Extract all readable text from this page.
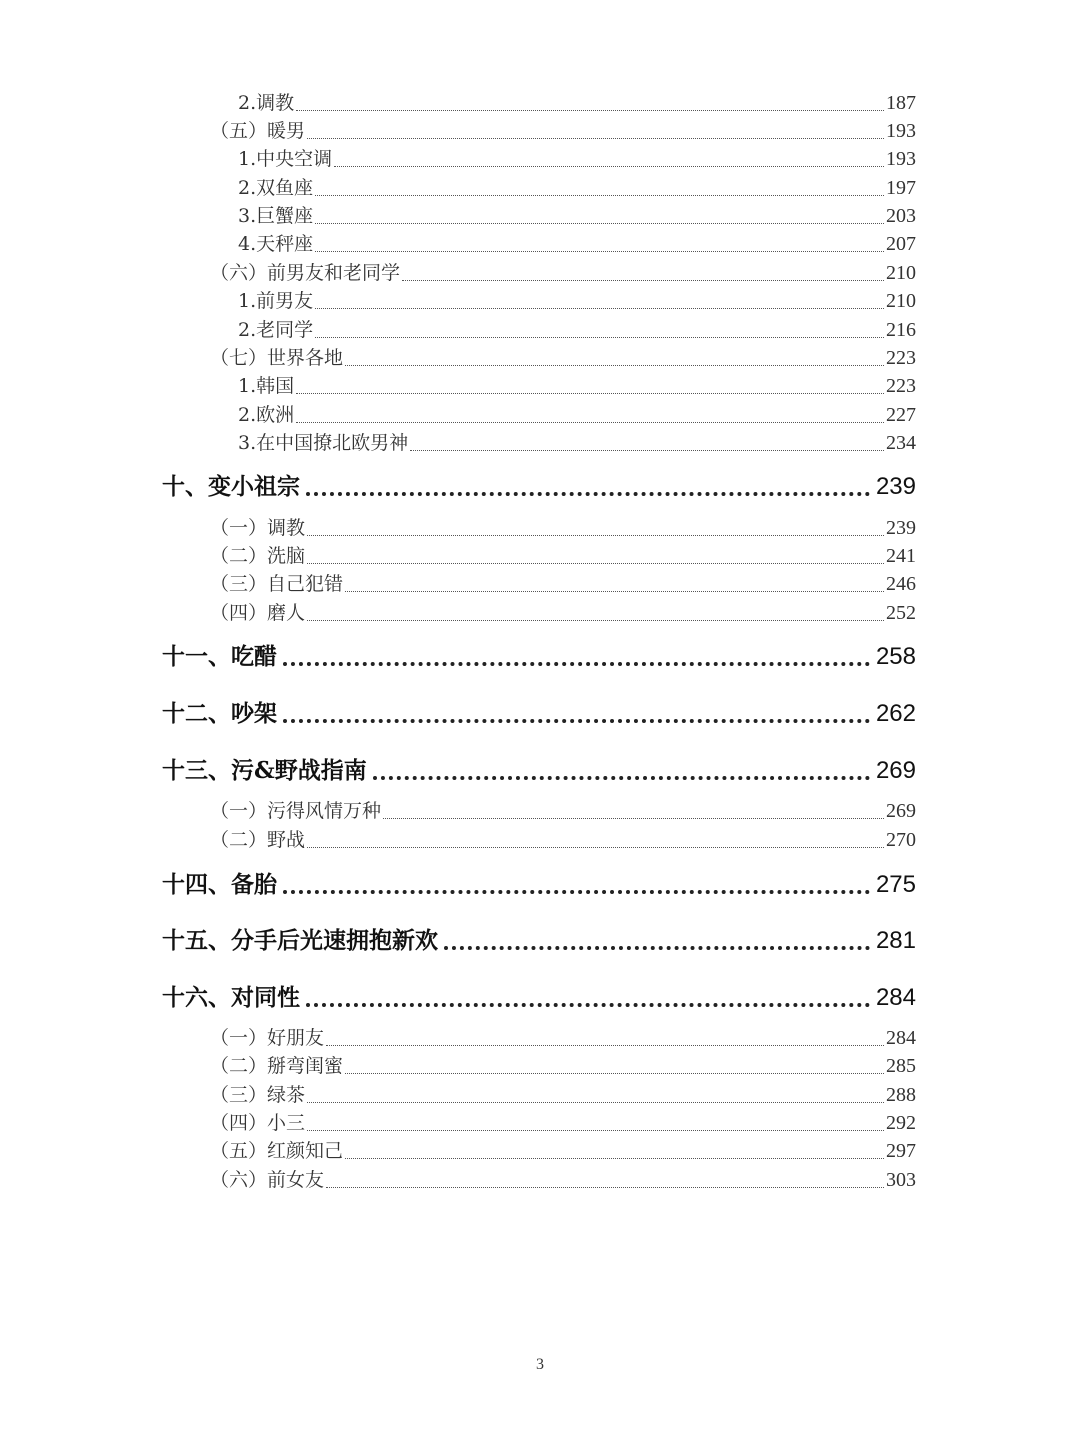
2.调教	187
（五）暖男	193
1.中央空调	193
2.双鱼座	197
3.巨蟹座	203
4.天秤座	207
（六）前男友和老同学	210
1.前男友	210
2.老同学	216
（七）世界各地	223
1.韩国	223
2.欧洲	227
3.在中国撩北欧男神	234
十、变小祖宗	239
（一）调教	239
（二）洗脑	241
（三）自己犯错	246
（四）磨人	252
十一、吃醋	258
十二、吵架	262
十三、污&野战指南	269
（一）污得风情万种	269
（二）野战	270
十四、备胎	275
十五、分手后光速拥抱新欢	281
十六、对同性	284
（一）好朋友	284
（二）掰弯闺蜜	285
（三）绿茶	288
（四）小三	292
（五）红颜知己	297
（六）前女友	303
3
